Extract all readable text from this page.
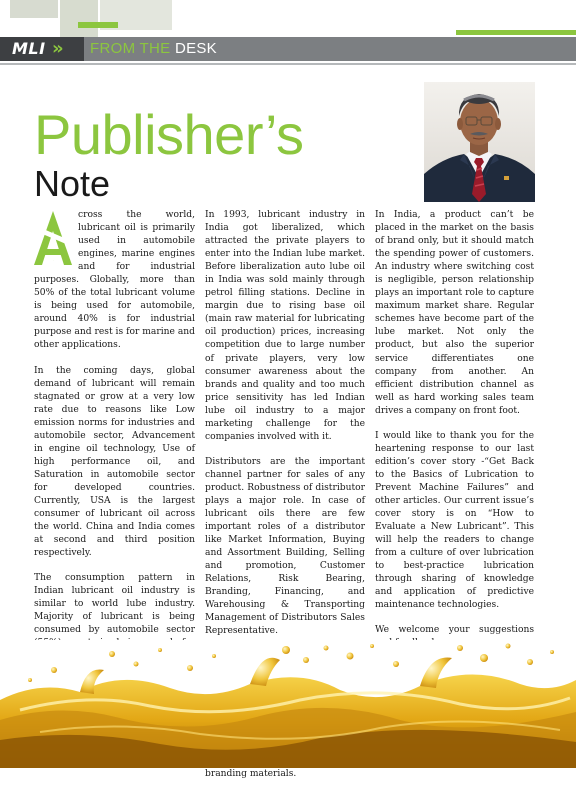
MLI » FROM THE DESK
Publisher’s
Note

A
cross the world, lubricant oil is primarily used in automobile engines, marine engines and for industrial purposes. Globally, more than 50% of the total lubricant volume is being used for automobile, around 40% is for industrial purpose and rest is for marine and other applications.

In the coming days, global demand of lubricant will remain stagnated or grow at a very low rate due to reasons like Low emission norms for industries and automobile sector, Advancement in engine oil technology, Use of high performance oil, and Saturation in automobile sector for developed countries. Currently, USA is the largest consumer of lubricant oil across the world. China and India comes at second and third position respectively.

The consumption pattern in Indian lubricant oil industry is similar to world lube industry. Majority of lubricant is being consumed by automobile sector

In 1993, lubricant industry in India got liberalized, which attracted the private players to enter into the Indian lube market. Before liberalization auto lube oil in India was sold mainly through petrol filling stations. Decline in margin due to rising base oil (main raw material for lubricating oil production) prices, increasing competition due to large number of private players, very low consumer awareness about the brands and quality and too much price sensitivity has led Indian lube oil industry to a major marketing challenge for the companies involved with it.

Distributors are the important channel partner for sales of any product. Robustness of distributor plays a major role. In case of lubricant oils there are few important roles of a distributor like Market Information, Buying and Assortment Building, Selling and promotion, Customer Relations, Risk Bearing, Branding, Financing, and Warehousing & Transporting Management of Distributors Sales Representative.

branding materials.

In India, a product can’t be placed in the market on the basis of brand only, but it should match the spending power of customers. An industry where switching cost is negligible, person relationship plays an important role to capture maximum market share. Regular schemes have become part of the lube market. Not only the product, but also the superior service differentiates one company from another. An efficient distribution channel as well as hard working sales team drives a company on front foot.

I would like to thank you for the heartening response to our last edition’s cover story -“Get Back to the Basics of Lubrication to Prevent Machine Failures” and other articles. Our current issue’s cover story is on “How to Evaluate a New Lubricant”. This will help the readers to change from a culture of over lubrication to best-practice lubrication through sharing of knowledge and application of predictive maintenance technologies.

We welcome your suggestions
